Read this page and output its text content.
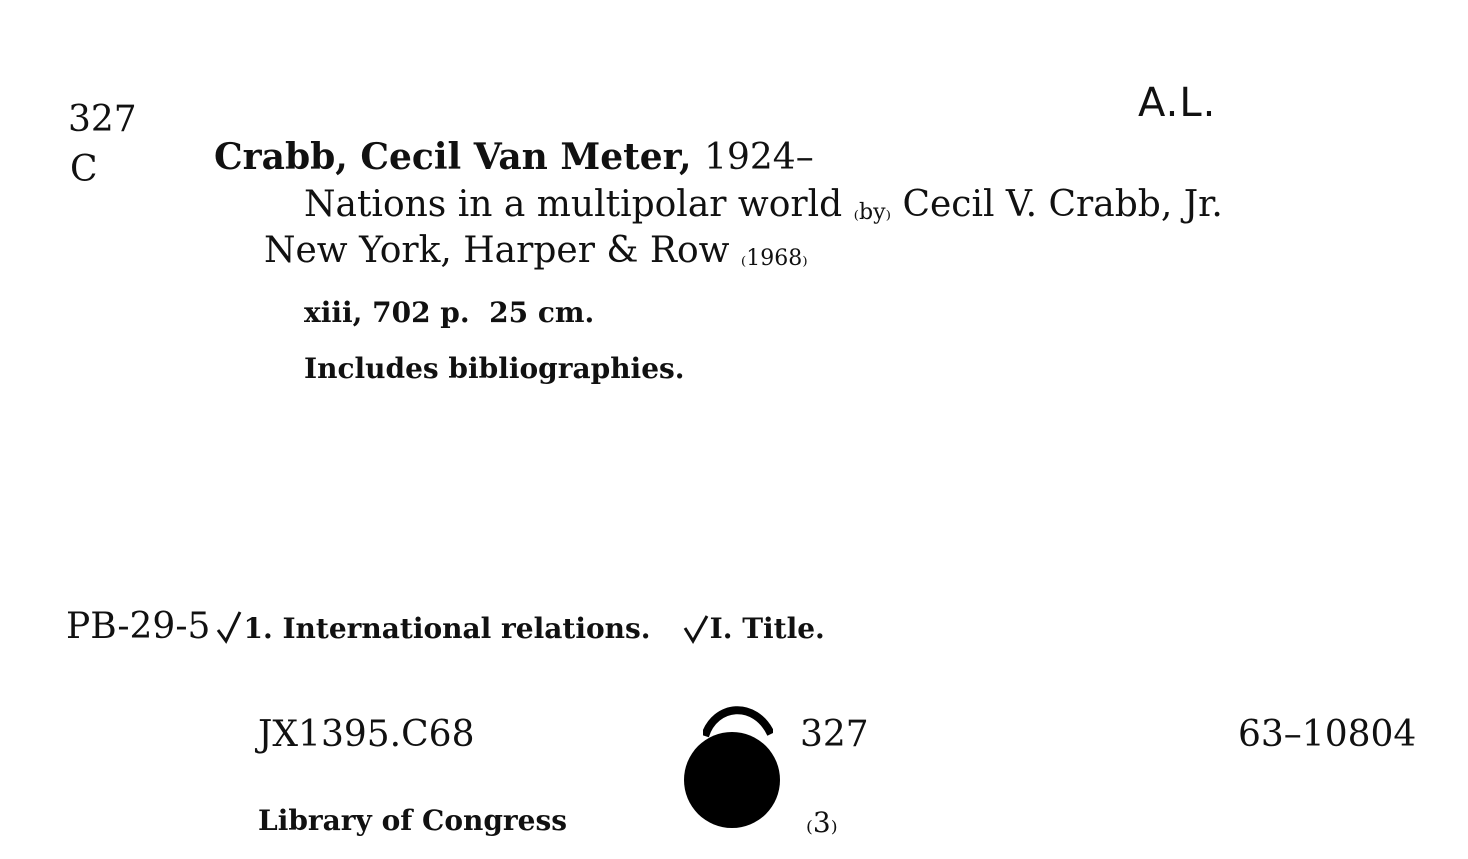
327
C
A.L.
Crabb, Cecil Van Meter, 1924–
Nations in a multipolar world ₍by₎ Cecil V. Crabb, Jr.
New York, Harper & Row ₍1968₎
xiii, 702 p.  25 cm.
Includes bibliographies.
PB-29-5 1. International relations. I. Title.
JX1395.C68	327	63–10804
Library of Congress	₍3₎
